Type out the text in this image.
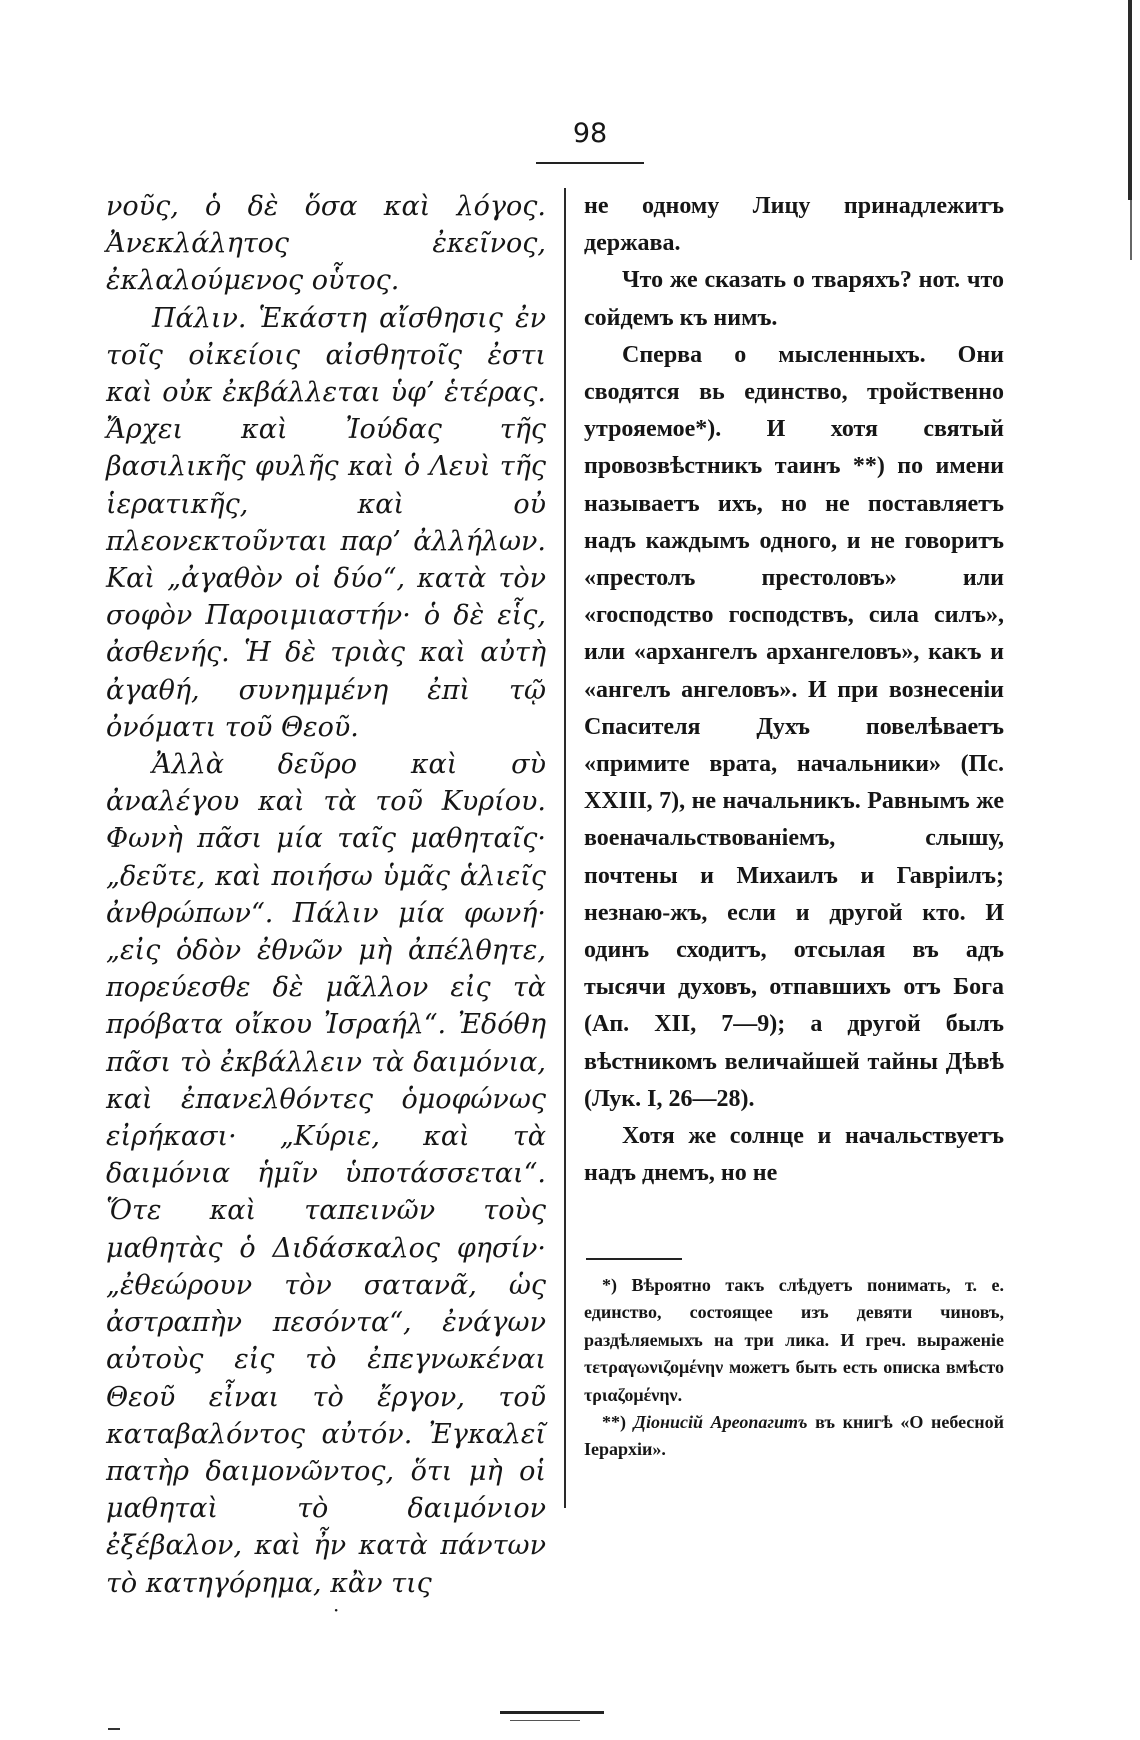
98

νοῦς, ὁ δὲ ὅσα καὶ λόγος. Ἀνεκλάλητος ἐκεῖνος, ἐκλαλούμενος οὗτος.

Πάλιν. Ἑκάστη αἴσθησις ἐν τοῖς οἰκείοις αἰσθητοῖς ἐστι καὶ οὐκ ἐκβάλλεται ὑφ’ ἑτέρας. Ἄρχει καὶ Ἰούδας τῆς βασιλικῆς φυλῆς καὶ ὁ Λευὶ τῆς ἱερατικῆς, καὶ οὐ πλεονεκτοῦνται παρ’ ἀλλήλων. Καὶ „ἀγαθὸν οἱ δύο“, κατὰ τὸν σοφὸν Παροιμιαστήν· ὁ δὲ εἷς, ἀσθενής. Ἡ δὲ τριὰς καὶ αὐτὴ ἀγαθή, συνημμένη ἐπὶ τῷ ὀνόματι τοῦ Θεοῦ.

Ἀλλὰ δεῦρο καὶ σὺ ἀναλέγου καὶ τὰ τοῦ Κυρίου. Φωνὴ πᾶσι μία ταῖς μαθηταῖς· „δεῦτε, καὶ ποιήσω ὑμᾶς ἁλιεῖς ἀνθρώπων“. Πάλιν μία φωνή· „εἰς ὁδὸν ἐθνῶν μὴ ἀπέλθητε, πορεύεσθε δὲ μᾶλλον εἰς τὰ πρόβατα οἴκου Ἰσραήλ“. Ἐδόθη πᾶσι τὸ ἐκβάλλειν τὰ δαιμόνια, καὶ ἐπανελθόντες ὁμοφώνως εἰρήκασι· „Κύριε, καὶ τὰ δαιμόνια ἡμῖν ὑποτάσσεται“. Ὅτε καὶ ταπεινῶν τοὺς μαθητὰς ὁ Διδάσκαλος φησίν· „ἐθεώρουν τὸν σατανᾶ, ὡς ἀστραπὴν πεσόντα“, ἐνάγων αὐτοὺς εἰς τὸ ἐπεγνωκέναι Θεοῦ εἶναι τὸ ἔργον, τοῦ καταβαλόντος αὐτόν. Ἐγκαλεῖ πατὴρ δαιμονῶντος, ὅτι μὴ οἱ μαθηταὶ τὸ δαιμόνιον ἐξέβαλον, καὶ ἦν κατὰ πάντων τὸ κατηγόρημα, κἂν τις

не одному Лицу принадлежитъ держава.

Что же сказать о тваряхъ? нот. что сойдемъ къ нимъ.

Сперва о мысленныхъ. Они сводятся вь единство, тройственно утрояемое*). И хотя святый провозвѣстникъ таинъ **) по имени называетъ ихъ, но не поставляетъ надъ каждымъ одного, и не говоритъ «престолъ престоловъ» или «господство господствъ, сила силъ», или «архангелъ архангеловъ», какъ и «ангелъ ангеловъ». И при вознесеніи Спасителя Духъ повелѣваетъ «примите врата, начальники» (Пс. XXIII, 7), не начальникъ. Равнымъ же военачальствованіемъ, слышу, почтены и Михаилъ и Гавріилъ; незнаю-жъ, если и другой кто. И одинъ сходитъ, отсылая въ адъ тысячи духовъ, отпавшихъ отъ Бога (Ап. XII, 7—9); а другой былъ вѣстникомъ величайшей тайны Дѣвѣ (Лук. I, 26—28).

Хотя же солнце и начальствуетъ надъ днемъ, но не

*) Вѣроятно такъ слѣдуетъ понимать, т. е. единство, состоящее изъ девяти чиновъ, раздѣляемыхъ на три лика. И греч. выраженіе τετραγωνιζομένην можетъ быть есть описка вмѣсто τριαζομένην.

**) Діонисій Ареопагитъ въ книгѣ «О небесной Іерархіи».

·
